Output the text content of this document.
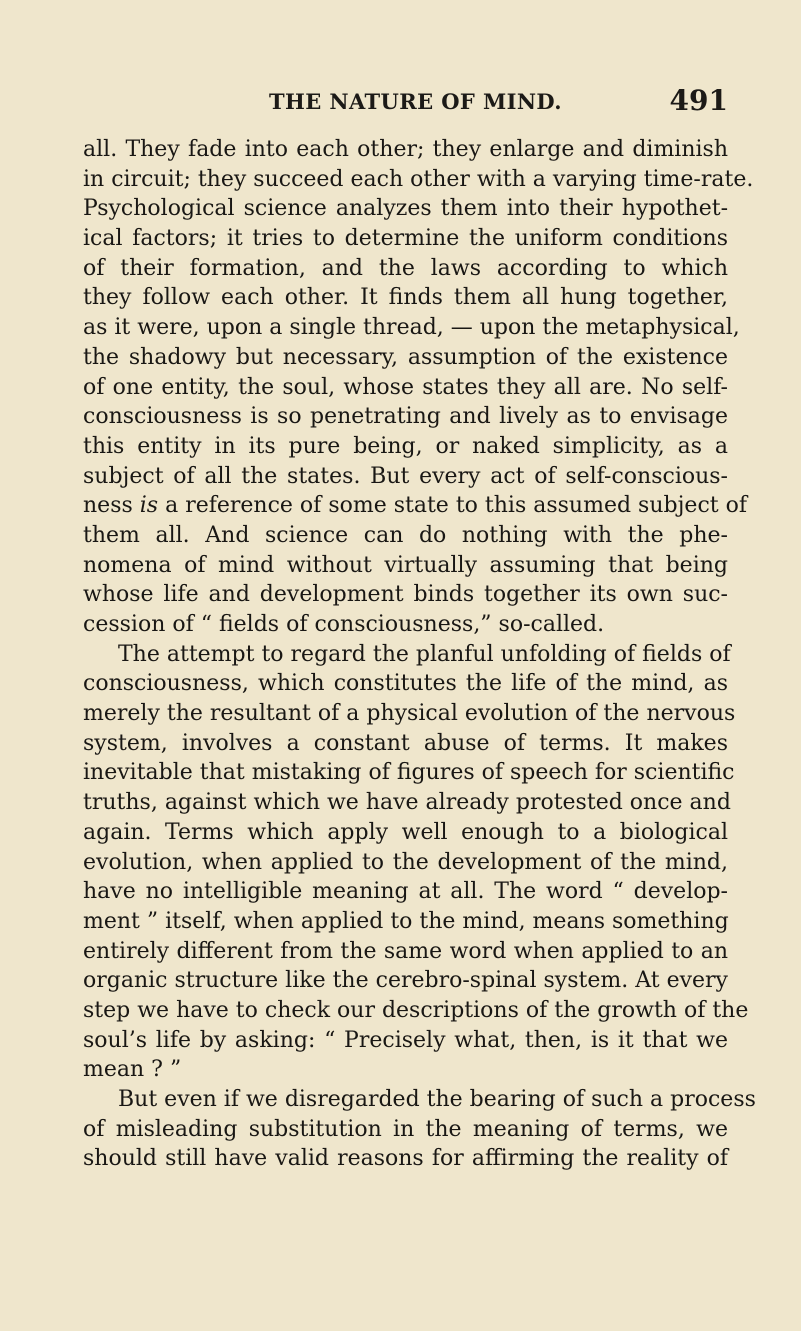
THE NATURE OF MIND.	491
all. They fade into each other; they enlarge and diminish
in circuit; they succeed each other with a varying time-rate.
Psychological science analyzes them into their hypothet-
ical factors; it tries to determine the uniform conditions
of their formation, and the laws according to which
they follow each other. It finds them all hung together,
as it were, upon a single thread, — upon the metaphysical,
the shadowy but necessary, assumption of the existence
of one entity, the soul, whose states they all are. No self-
consciousness is so penetrating and lively as to envisage
this entity in its pure being, or naked simplicity, as a
subject of all the states. But every act of self-conscious-
ness is a reference of some state to this assumed subject of
them all. And science can do nothing with the phe-
nomena of mind without virtually assuming that being
whose life and development binds together its own suc-
cession of “ fields of consciousness,” so-called.
The attempt to regard the planful unfolding of fields of
consciousness, which constitutes the life of the mind, as
merely the resultant of a physical evolution of the nervous
system, involves a constant abuse of terms. It makes
inevitable that mistaking of figures of speech for scientific
truths, against which we have already protested once and
again. Terms which apply well enough to a biological
evolution, when applied to the development of the mind,
have no intelligible meaning at all. The word “ develop-
ment ” itself, when applied to the mind, means something
entirely different from the same word when applied to an
organic structure like the cerebro-spinal system. At every
step we have to check our descriptions of the growth of the
soul’s life by asking: “ Precisely what, then, is it that we
mean ? ”
But even if we disregarded the bearing of such a process
of misleading substitution in the meaning of terms, we
should still have valid reasons for affirming the reality of
